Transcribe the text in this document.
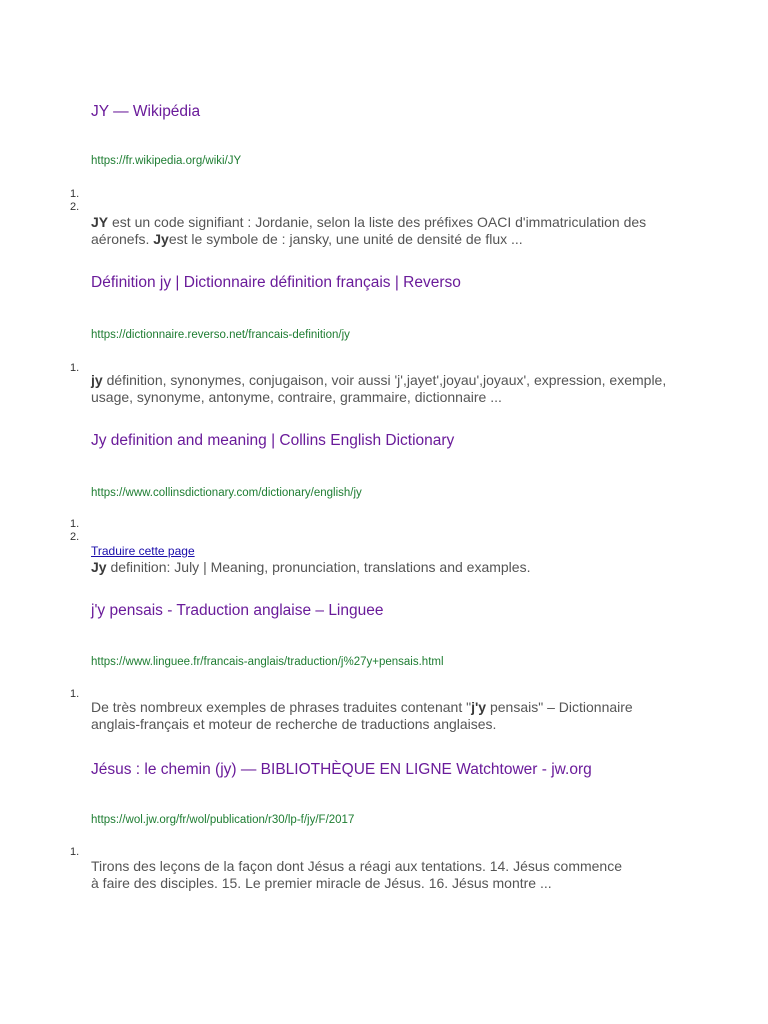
JY — Wikipédia
https://fr.wikipedia.org/wiki/JY
1.
2.
JY est un code signifiant : Jordanie, selon la liste des préfixes OACI d'immatriculation des aéronefs. Jyest le symbole de : jansky, une unité de densité de flux ...
Définition jy | Dictionnaire définition français | Reverso
https://dictionnaire.reverso.net/francais-definition/jy
1.
jy définition, synonymes, conjugaison, voir aussi 'j',jayet',joyau',joyaux', expression, exemple, usage, synonyme, antonyme, contraire, grammaire, dictionnaire ...
Jy definition and meaning | Collins English Dictionary
https://www.collinsdictionary.com/dictionary/english/jy
1.
2.
Traduire cette page
Jy definition: July | Meaning, pronunciation, translations and examples.
j'y pensais - Traduction anglaise – Linguee
https://www.linguee.fr/francais-anglais/traduction/j%27y+pensais.html
1.
De très nombreux exemples de phrases traduites contenant "j'y pensais" – Dictionnaire anglais-français et moteur de recherche de traductions anglaises.
Jésus : le chemin (jy) — BIBLIOTHÈQUE EN LIGNE Watchtower - jw.org
https://wol.jw.org/fr/wol/publication/r30/lp-f/jy/F/2017
1.
Tirons des leçons de la façon dont Jésus a réagi aux tentations. 14. Jésus commence à faire des disciples. 15. Le premier miracle de Jésus. 16. Jésus montre ...
